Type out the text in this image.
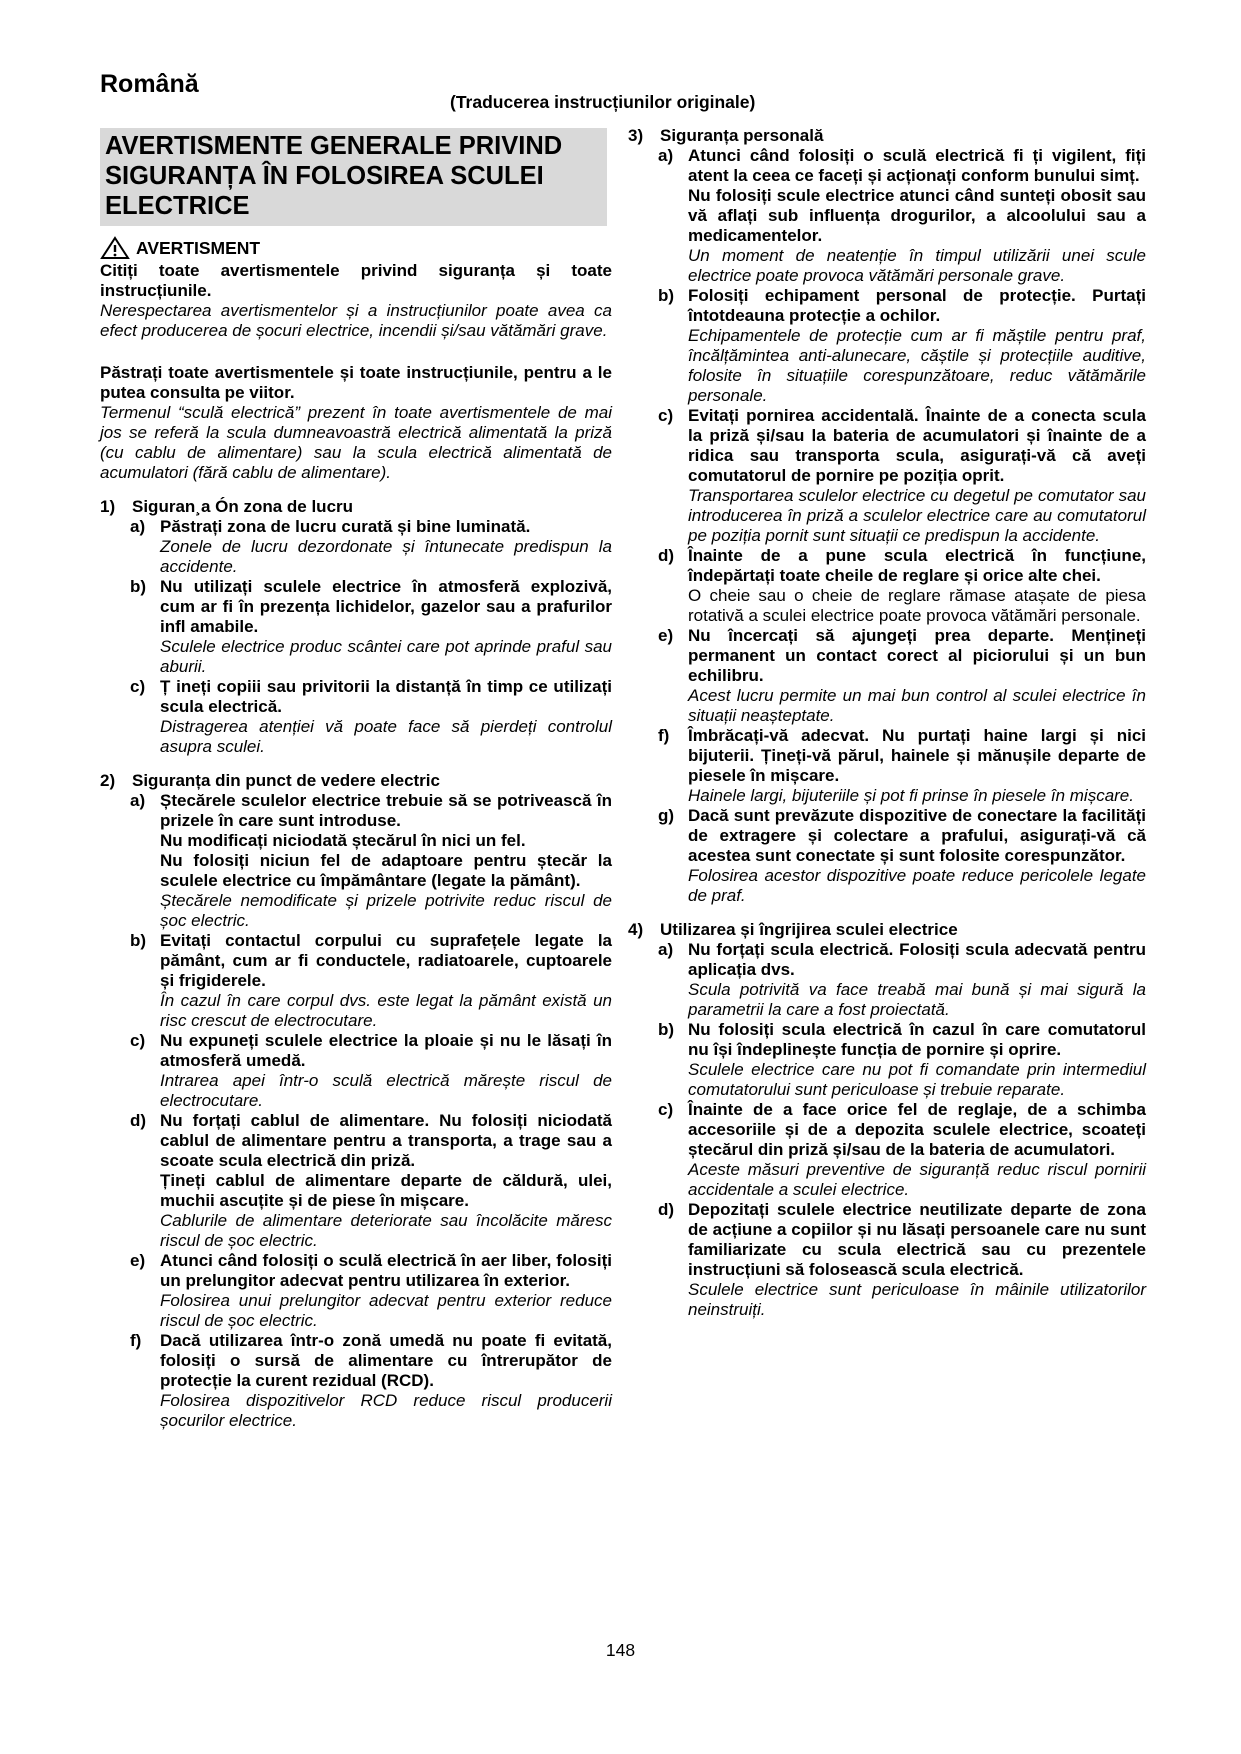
Română
(Traducerea instrucțiunilor originale)
AVERTISMENTE GENERALE PRIVIND
SIGURANȚA ÎN FOLOSIREA SCULEI
ELECTRICE
AVERTISMENT
Citiți toate avertismentele privind siguranța și toate instrucțiunile.
Nerespectarea avertismentelor și a instrucțiunilor poate avea ca efect producerea de șocuri electrice, incendii și/sau vătămări grave.
Păstrați toate avertismentele și toate instrucțiunile, pentru a le putea consulta pe viitor.
Termenul “sculă electrică” prezent în toate avertismentele de mai jos se referă la scula dumneavoastră electrică alimentată la priză (cu cablu de alimentare) sau la scula electrică alimentată de acumulatori (fără cablu de alimentare).
1) Siguran¸a Ón zona de lucru
a) Păstrați zona de lucru curată și bine luminată.

Zonele de lucru dezordonate și întunecate predispun la accidente.

b) Nu utilizați sculele electrice în atmosferă explozivă, cum ar fi în prezența lichidelor, gazelor sau a prafurilor infl amabile.

Sculele electrice produc scântei care pot aprinde praful sau aburii.

c) Ț ineți copiii sau privitorii la distanță în timp ce utilizați scula electrică.

Distragerea atenției vă poate face să pierdeți controlul asupra sculei.

2) Siguranța din punct de vedere electric
a) Ștecărele sculelor electrice trebuie să se potrivească în prizele în care sunt introduse.

Nu modificați niciodată ștecărul în nici un fel.

Nu folosiți niciun fel de adaptoare pentru ștecăr la sculele electrice cu împământare (legate la pământ).

Ștecărele nemodificate și prizele potrivite reduc riscul de șoc electric.

b) Evitați contactul corpului cu suprafețele legate la pământ, cum ar fi conductele, radiatoarele, cuptoarele și frigiderele.

În cazul în care corpul dvs. este legat la pământ există un risc crescut de electrocutare.

c) Nu expuneți sculele electrice la ploaie și nu le lăsați în atmosferă umedă.

Intrarea apei într-o sculă electrică mărește riscul de electrocutare.

d) Nu forțați cablul de alimentare. Nu folosiți niciodată cablul de alimentare pentru a transporta, a trage sau a scoate scula electrică din priză.

Țineți cablul de alimentare departe de căldură, ulei, muchii ascuțite și de piese în mișcare.

Cablurile de alimentare deteriorate sau încolăcite măresc riscul de șoc electric.

e) Atunci când folosiți o sculă electrică în aer liber, folosiți un prelungitor adecvat pentru utilizarea în exterior.

Folosirea unui prelungitor adecvat pentru exterior reduce riscul de șoc electric.

f)	Dacă utilizarea într-o zonă umedă nu poate fi evitată, folosiți o sursă de alimentare cu întrerupător de protecție la curent rezidual (RCD).

Folosirea dispozitivelor RCD reduce riscul producerii șocurilor electrice.

3) Siguranța personală
a) Atunci când folosiți o sculă electrică fi ți vigilent, fiți atent la ceea ce faceți și acționați conform bunului simț.

Nu folosiți scule electrice atunci când sunteți obosit sau vă aflați sub influența drogurilor, a alcoolului sau a medicamentelor.

Un moment de neatenție în timpul utilizării unei scule electrice poate provoca vătămări personale grave.

b) Folosiți echipament personal de protecție. Purtați întotdeauna protecție a ochilor.

Echipamentele de protecție cum ar fi măștile pentru praf, încălțămintea anti-alunecare, căștile și protecțiile auditive, folosite în situațiile corespunzătoare, reduc vătămările personale.

c) Evitați pornirea accidentală. Înainte de a conecta scula la priză și/sau la bateria de acumulatori și înainte de a ridica sau transporta scula, asigurați-vă că aveți comutatorul de pornire pe poziția oprit.

Transportarea sculelor electrice cu degetul pe comutator sau introducerea în priză a sculelor electrice care au comutatorul pe poziția pornit sunt situații ce predispun la accidente.

d) Înainte de a pune scula electrică în funcțiune, îndepărtați toate cheile de reglare și orice alte chei.

O cheie sau o cheie de reglare rămase atașate de piesa rotativă a sculei electrice poate provoca vătămări personale.

e) Nu încercați să ajungeți prea departe. Mențineți permanent un contact corect al piciorului și un bun echilibru.

Acest lucru permite un mai bun control al sculei electrice în situații neașteptate.

f)	Îmbrăcați-vă adecvat. Nu purtați haine largi și nici bijuterii. Țineți-vă părul, hainele și mănușile departe de piesele în mișcare.

Hainele largi, bijuteriile și pot fi prinse în piesele în mișcare.

g) Dacă sunt prevăzute dispozitive de conectare la facilități de extragere și colectare a prafului, asigurați-vă că acestea sunt conectate și sunt folosite corespunzător.

Folosirea acestor dispozitive poate reduce pericolele legate de praf.

4) Utilizarea și îngrijirea sculei electrice
a) Nu forțați scula electrică. Folosiți scula adecvată pentru aplicația dvs.

Scula potrivită va face treabă mai bună și mai sigură la parametrii la care a fost proiectată.

b) Nu folosiți scula electrică în cazul în care comutatorul nu își îndeplinește funcția de pornire și oprire.

Sculele electrice care nu pot fi comandate prin intermediul comutatorului sunt periculoase și trebuie reparate.

c) Înainte de a face orice fel de reglaje, de a schimba accesoriile și de a depozita sculele electrice, scoateți ștecărul din priză și/sau de la bateria de acumulatori.

Aceste măsuri preventive de siguranță reduc riscul pornirii accidentale a sculei electrice.

d) Depozitați sculele electrice neutilizate departe de zona de acțiune a copiilor și nu lăsați persoanele care nu sunt familiarizate cu scula electrică sau cu prezentele instrucțiuni să folosească scula electrică.

Sculele electrice sunt periculoase în mâinile utilizatorilor neinstruiți.

148
